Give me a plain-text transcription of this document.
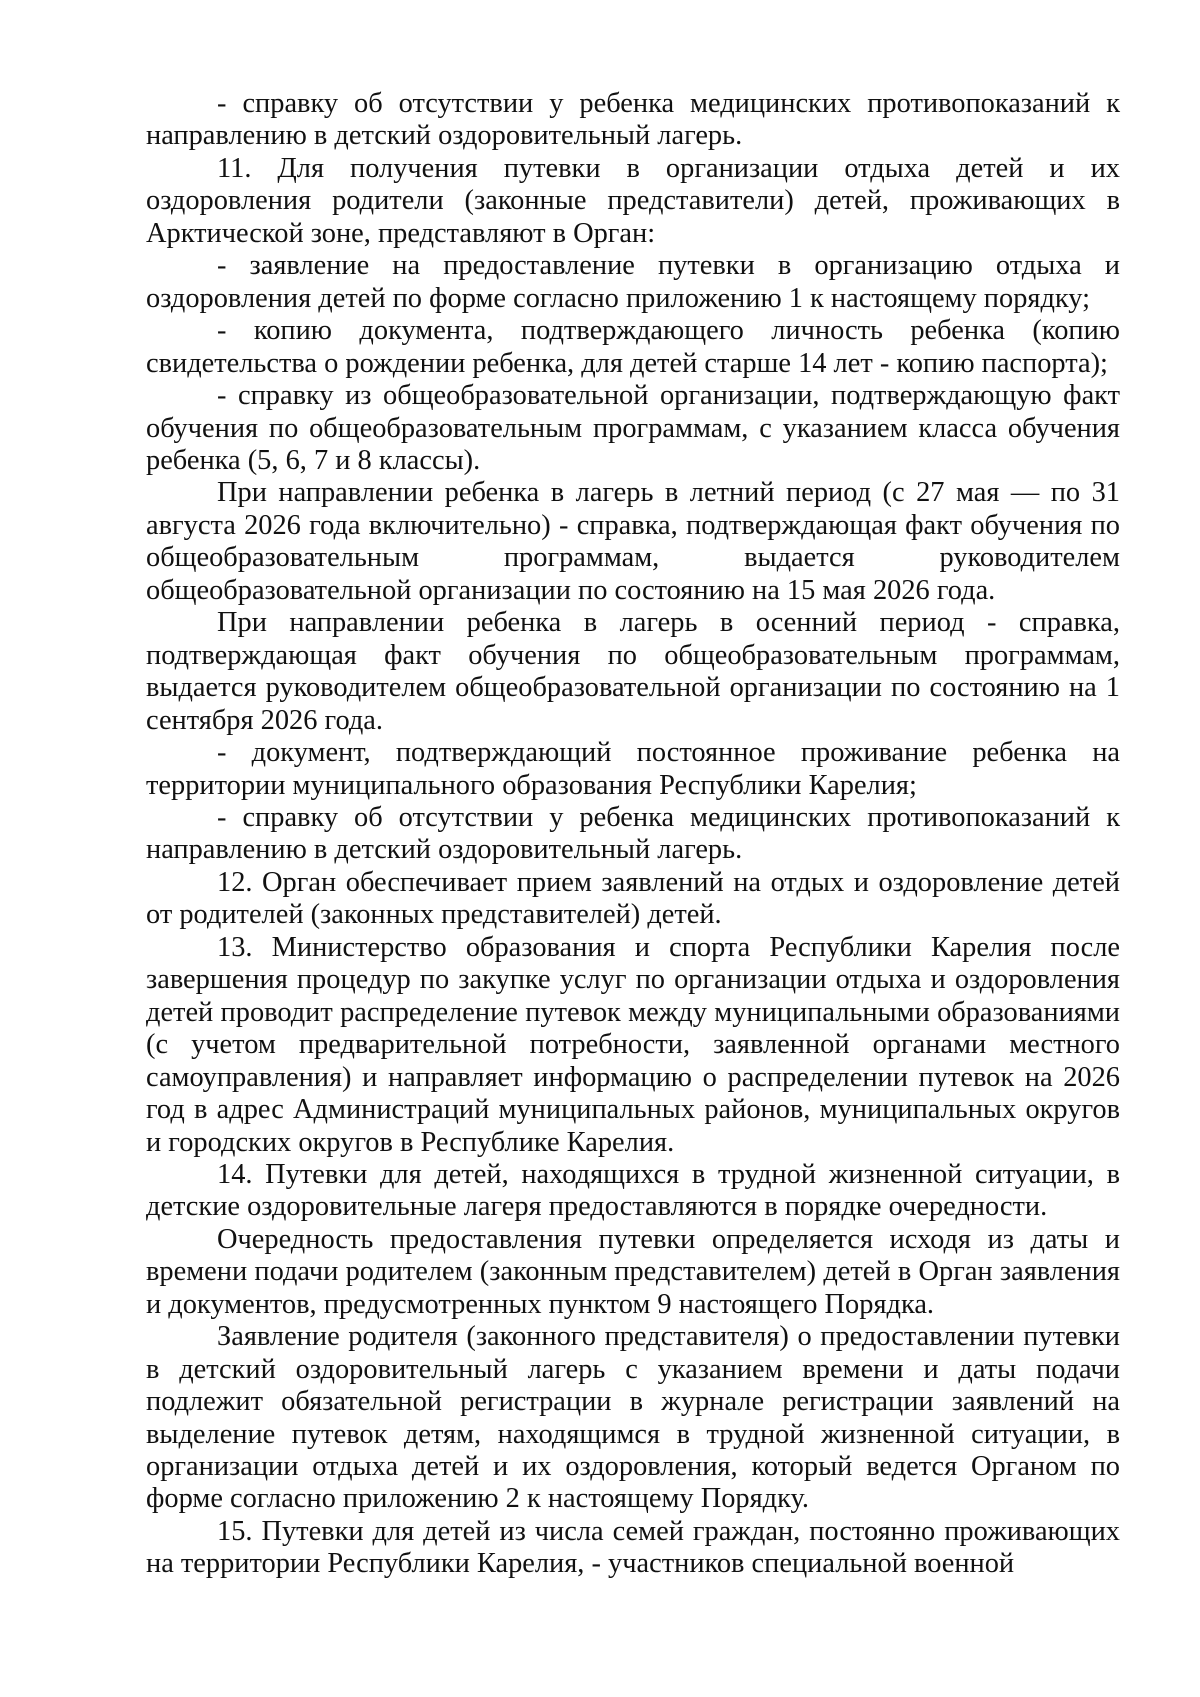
- справку об отсутствии у ребенка медицинских противопоказаний к направлению в детский оздоровительный лагерь.

11. Для получения путевки в организации отдыха детей и их оздоровления родители (законные представители) детей, проживающих в Арктической зоне, представляют в Орган:

- заявление на предоставление путевки в организацию отдыха и оздоровления детей по форме согласно приложению 1 к настоящему порядку;

- копию документа, подтверждающего личность ребенка (копию свидетельства о рождении ребенка, для детей старше 14 лет - копию паспорта);

- справку из общеобразовательной организации, подтверждающую факт обучения по общеобразовательным программам, с указанием класса обучения ребенка (5, 6, 7 и 8 классы).

При направлении ребенка в лагерь в летний период (с 27 мая — по 31 августа 2026 года включительно) - справка, подтверждающая факт обучения по общеобразовательным программам, выдается руководителем общеобразовательной организации по состоянию на 15 мая 2026 года.

При направлении ребенка в лагерь в осенний период - справка, подтверждающая факт обучения по общеобразовательным программам, выдается руководителем общеобразовательной организации по состоянию на 1 сентября 2026 года.

- документ, подтверждающий постоянное проживание ребенка на территории муниципального образования Республики Карелия;

- справку об отсутствии у ребенка медицинских противопоказаний к направлению в детский оздоровительный лагерь.

12. Орган обеспечивает прием заявлений на отдых и оздоровление детей от родителей (законных представителей) детей.

13. Министерство образования и спорта Республики Карелия после завершения процедур по закупке услуг по организации отдыха и оздоровления детей проводит распределение путевок между муниципальными образованиями (с учетом предварительной потребности, заявленной органами местного самоуправления) и направляет информацию о распределении путевок на 2026 год в адрес Администраций муниципальных районов, муниципальных округов и городских округов в Республике Карелия.

14. Путевки для детей, находящихся в трудной жизненной ситуации, в детские оздоровительные лагеря предоставляются в порядке очередности.

Очередность предоставления путевки определяется исходя из даты и времени подачи родителем (законным представителем) детей в Орган заявления и документов, предусмотренных пунктом 9 настоящего Порядка.

Заявление родителя (законного представителя) о предоставлении путевки в детский оздоровительный лагерь с указанием времени и даты подачи подлежит обязательной регистрации в журнале регистрации заявлений на выделение путевок детям, находящимся в трудной жизненной ситуации, в организации отдыха детей и их оздоровления, который ведется Органом по форме согласно приложению 2 к настоящему Порядку.

15. Путевки для детей из числа семей граждан, постоянно проживающих на территории Республики Карелия, - участников специальной военной
